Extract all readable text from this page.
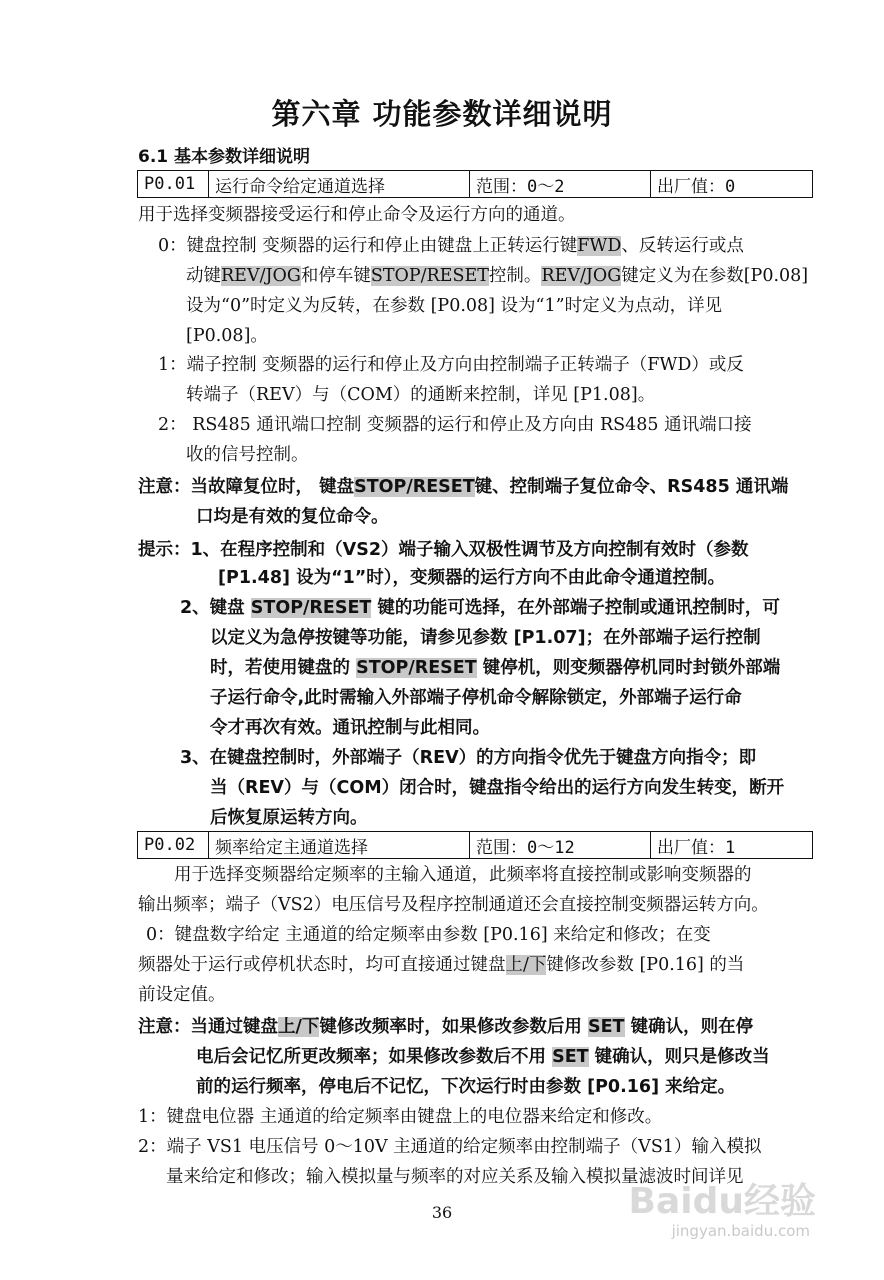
第六章 功能参数详细说明
6.1 基本参数详细说明
P0.01	运行命令给定通道选择	范围：0～2	出厂值：0
用于选择变频器接受运行和停止命令及运行方向的通道。
0：键盘控制 变频器的运行和停止由键盘上正转运行键FWD、反转运行或点
动键REV/JOG和停车键STOP/RESET控制。REV/JOG键定义为在参数[P0.08]
设为“0”时定义为反转，在参数 [P0.08] 设为“1”时定义为点动，详见
[P0.08]。
1：端子控制 变频器的运行和停止及方向由控制端子正转端子（FWD）或反
转端子（REV）与（COM）的通断来控制，详见 [P1.08]。
2： RS485 通讯端口控制 变频器的运行和停止及方向由 RS485 通讯端口接
收的信号控制。
注意：当故障复位时， 键盘STOP/RESET键、控制端子复位命令、RS485 通讯端
口均是有效的复位命令。
提示：1、在程序控制和（VS2）端子输入双极性调节及方向控制有效时（参数
[P1.48] 设为“1”时），变频器的运行方向不由此命令通道控制。
2、键盘 STOP/RESET 键的功能可选择，在外部端子控制或通讯控制时，可
以定义为急停按键等功能，请参见参数 [P1.07]；在外部端子运行控制
时，若使用键盘的 STOP/RESET 键停机，则变频器停机同时封锁外部端
子运行命令,此时需输入外部端子停机命令解除锁定，外部端子运行命
令才再次有效。通讯控制与此相同。
3、在键盘控制时，外部端子（REV）的方向指令优先于键盘方向指令；即
当（REV）与（COM）闭合时，键盘指令给出的运行方向发生转变，断开
后恢复原运转方向。
P0.02	频率给定主通道选择	范围：0～12	出厂值：1
用于选择变频器给定频率的主输入通道，此频率将直接控制或影响变频器的
输出频率；端子（VS2）电压信号及程序控制通道还会直接控制变频器运转方向。
0：键盘数字给定 主通道的给定频率由参数 [P0.16] 来给定和修改；在变
频器处于运行或停机状态时，均可直接通过键盘上/下键修改参数 [P0.16] 的当
前设定值。
注意：当通过键盘上/下键修改频率时，如果修改参数后用 SET 键确认，则在停
电后会记忆所更改频率；如果修改参数后不用 SET 键确认，则只是修改当
前的运行频率，停电后不记忆，下次运行时由参数 [P0.16] 来给定。
1：键盘电位器 主通道的给定频率由键盘上的电位器来给定和修改。
2：端子 VS1 电压信号 0～10V 主通道的给定频率由控制端子（VS1）输入模拟
量来给定和修改；输入模拟量与频率的对应关系及输入模拟量滤波时间详见
36	Baidu经验
jingyan.baidu.com
